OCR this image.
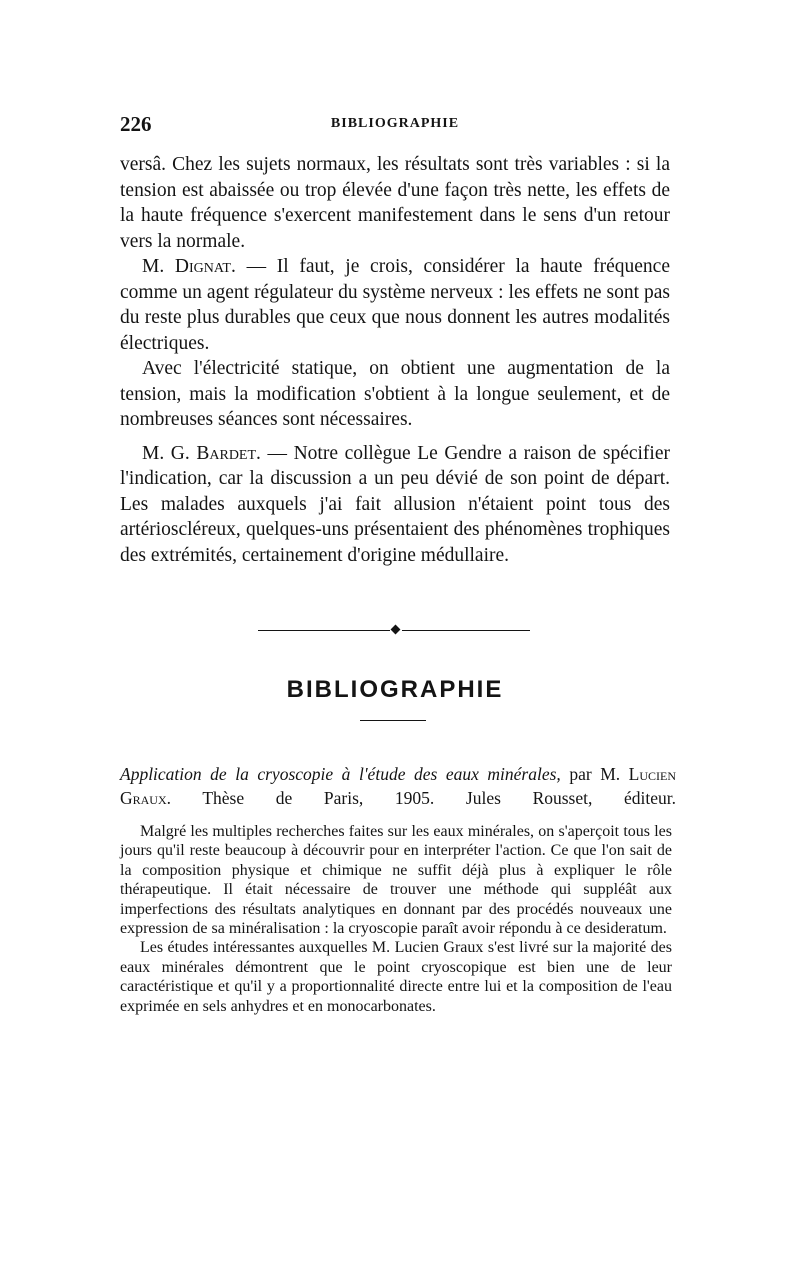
226	BIBLIOGRAPHIE

versâ. Chez les sujets normaux, les résultats sont très variables : si la tension est abaissée ou trop élevée d'une façon très nette, les effets de la haute fréquence s'exercent manifestement dans le sens d'un retour vers la normale.

M. Dignat. — Il faut, je crois, considérer la haute fréquence comme un agent régulateur du système nerveux : les effets ne sont pas du reste plus durables que ceux que nous donnent les autres modalités électriques.

Avec l'électricité statique, on obtient une augmentation de la tension, mais la modification s'obtient à la longue seulement, et de nombreuses séances sont nécessaires.

M. G. Bardet. — Notre collègue Le Gendre a raison de spécifier l'indication, car la discussion a un peu dévié de son point de départ. Les malades auxquels j'ai fait allusion n'étaient point tous des artérioscléreux, quelques-uns présentaient des phénomènes trophiques des extrémités, certainement d'origine médullaire.

BIBLIOGRAPHIE
Application de la cryoscopie à l'étude des eaux minérales, par M. Lucien Graux. Thèse de Paris, 1905. Jules Rousset, éditeur.

Malgré les multiples recherches faites sur les eaux minérales, on s'aperçoit tous les jours qu'il reste beaucoup à découvrir pour en interpréter l'action. Ce que l'on sait de la composition physique et chimique ne suffit déjà plus à expliquer le rôle thérapeutique. Il était nécessaire de trouver une méthode qui suppléât aux imperfections des résultats analytiques en donnant par des procédés nouveaux une expression de sa minéralisation : la cryoscopie paraît avoir répondu à ce desideratum.

Les études intéressantes auxquelles M. Lucien Graux s'est livré sur la majorité des eaux minérales démontrent que le point cryoscopique est bien une de leur caractéristique et qu'il y a proportionnalité directe entre lui et la composition de l'eau exprimée en sels anhydres et en monocarbonates.
